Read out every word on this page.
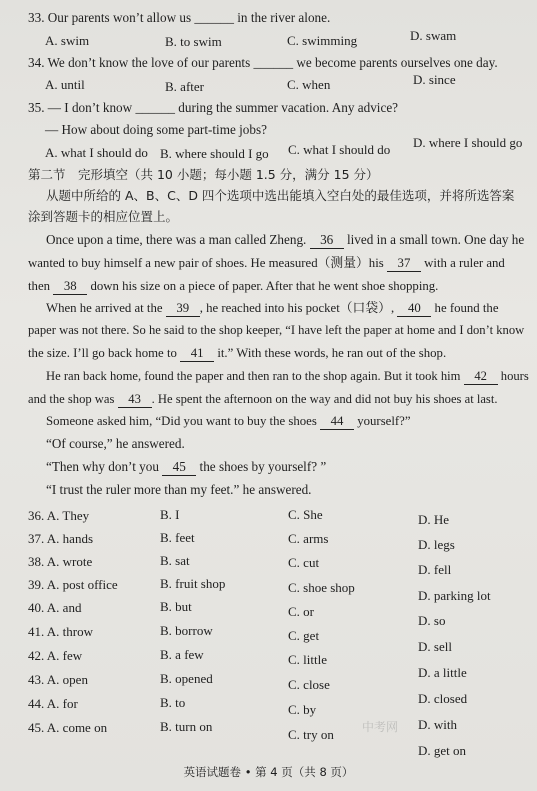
33. Our parents won’t allow us ______ in the river alone.
A. swim	B. to swim	C. swimming	D. swam
34. We don’t know the love of our parents ______ we become parents ourselves one day.
A. until	B. after	C. when	D. since
35. — I don’t know ______ during the summer vacation. Any advice?
— How about doing some part-time jobs?
A. what I should do B. where should I go C. what I should do D. where I should go
第二节　完形填空（共 10 小题；每小题 1.5 分，满分 15 分）
从题中所给的 A、B、C、D 四个选项中选出能填入空白处的最佳选项，并将所选答案
涂到答题卡的相应位置上。
Once upon a time, there was a man called Zheng. 36 lived in a small town. One day he
wanted to buy himself a new pair of shoes. He measured（测量）his 37 with a ruler and
then 38 down his size on a piece of paper. After that he went shoe shopping.
When he arrived at the 39 , he reached into his pocket（口袋）, 40 he found the
paper was not there. So he said to the shop keeper, “I have left the paper at home and I don’t know
the size. I’ll go back home to 41 it.” With these words, he ran out of the shop.
He ran back home, found the paper and then ran to the shop again. But it took him 42 hours
and the shop was 43 . He spent the afternoon on the way and did not buy his shoes at last.
Someone asked him, “Did you want to buy the shoes 44 yourself?”
“Of course,” he answered.
“Then why don’t you 45 the shoes by yourself? ”
“I trust the ruler more than my feet.” he answered.
36. A. They	B. I	C. She	D. He
37. A. hands	B. feet	C. arms	D. legs
38. A. wrote	B. sat	C. cut	D. fell
39. A. post office	B. fruit shop	C. shoe shop
D. parking lot
40. A. and	B. but	C. or
D. so
41. A. throw	B. borrow	C. get
D. sell
42. A. few	B. a few	C. little
D. a little
43. A. open	B. opened	C. close
D. closed
44. A. for	B. to	C. by
D. with
45. A. come on	B. turn on
C. try on
D. get on
中考网
英语试题卷 • 第 4 页（共 8 页）
